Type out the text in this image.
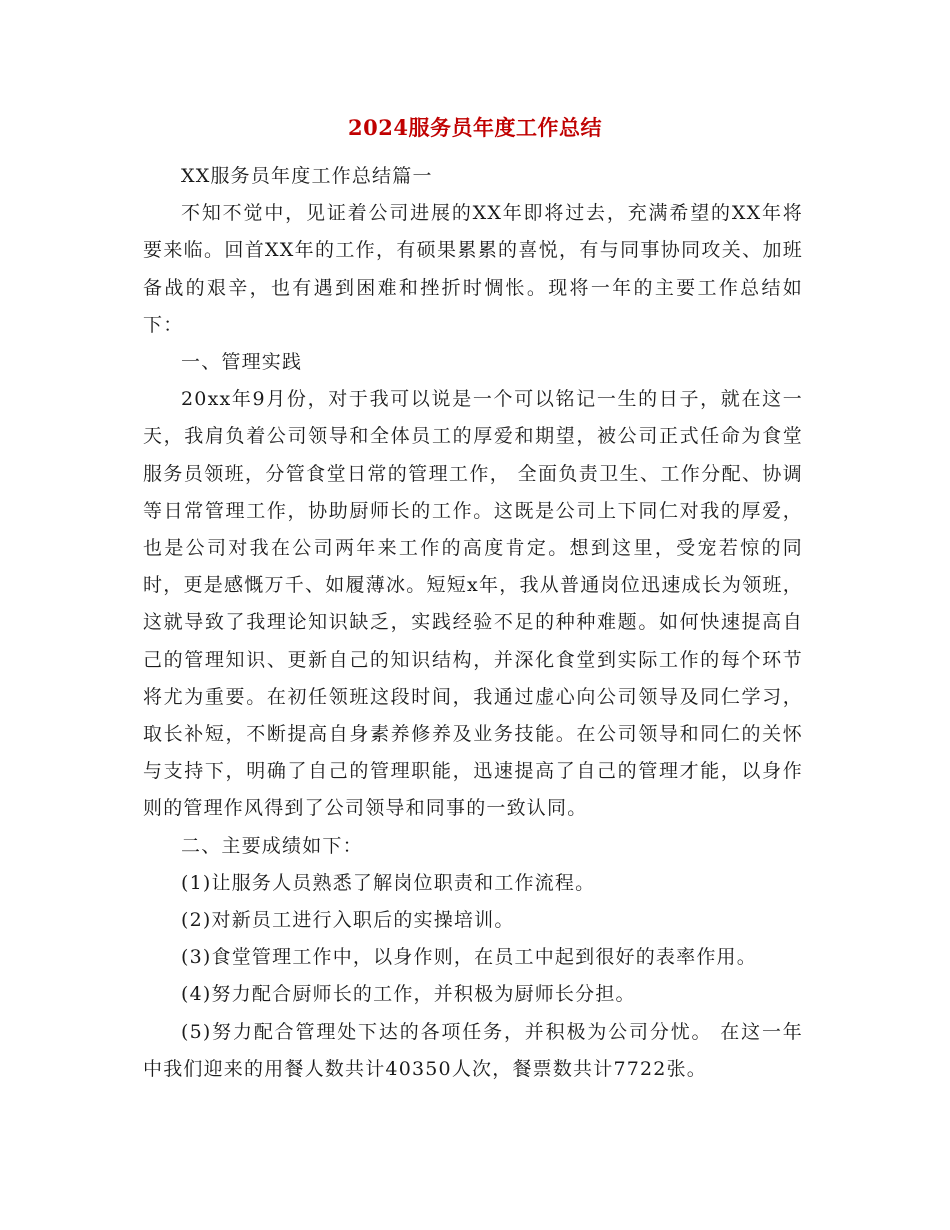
2024服务员年度工作总结

XX服务员年度工作总结篇一

不知不觉中，见证着公司进展的XX年即将过去，充满希望的XX年将要来临。回首XX年的工作，有硕果累累的喜悦，有与同事协同攻关、加班备战的艰辛，也有遇到困难和挫折时惆怅。现将一年的主要工作总结如下：

一、管理实践

20xx年9月份，对于我可以说是一个可以铭记一生的日子，就在这一天，我肩负着公司领导和全体员工的厚爱和期望，被公司正式任命为食堂服务员领班，分管食堂日常的管理工作， 全面负责卫生、工作分配、协调等日常管理工作，协助厨师长的工作。这既是公司上下同仁对我的厚爱，也是公司对我在公司两年来工作的高度肯定。想到这里，受宠若惊的同时，更是感慨万千、如履薄冰。短短x年，我从普通岗位迅速成长为领班，这就导致了我理论知识缺乏，实践经验不足的种种难题。如何快速提高自己的管理知识、更新自己的知识结构，并深化食堂到实际工作的每个环节将尤为重要。在初任领班这段时间，我通过虚心向公司领导及同仁学习，取长补短，不断提高自身素养修养及业务技能。在公司领导和同仁的关怀与支持下，明确了自己的管理职能，迅速提高了自己的管理才能，以身作则的管理作风得到了公司领导和同事的一致认同。

二、主要成绩如下：

(1)让服务人员熟悉了解岗位职责和工作流程。

(2)对新员工进行入职后的实操培训。

(3)食堂管理工作中，以身作则，在员工中起到很好的表率作用。

(4)努力配合厨师长的工作，并积极为厨师长分担。

(5)努力配合管理处下达的各项任务，并积极为公司分忧。 在这一年中我们迎来的用餐人数共计40350人次，餐票数共计7722张。
